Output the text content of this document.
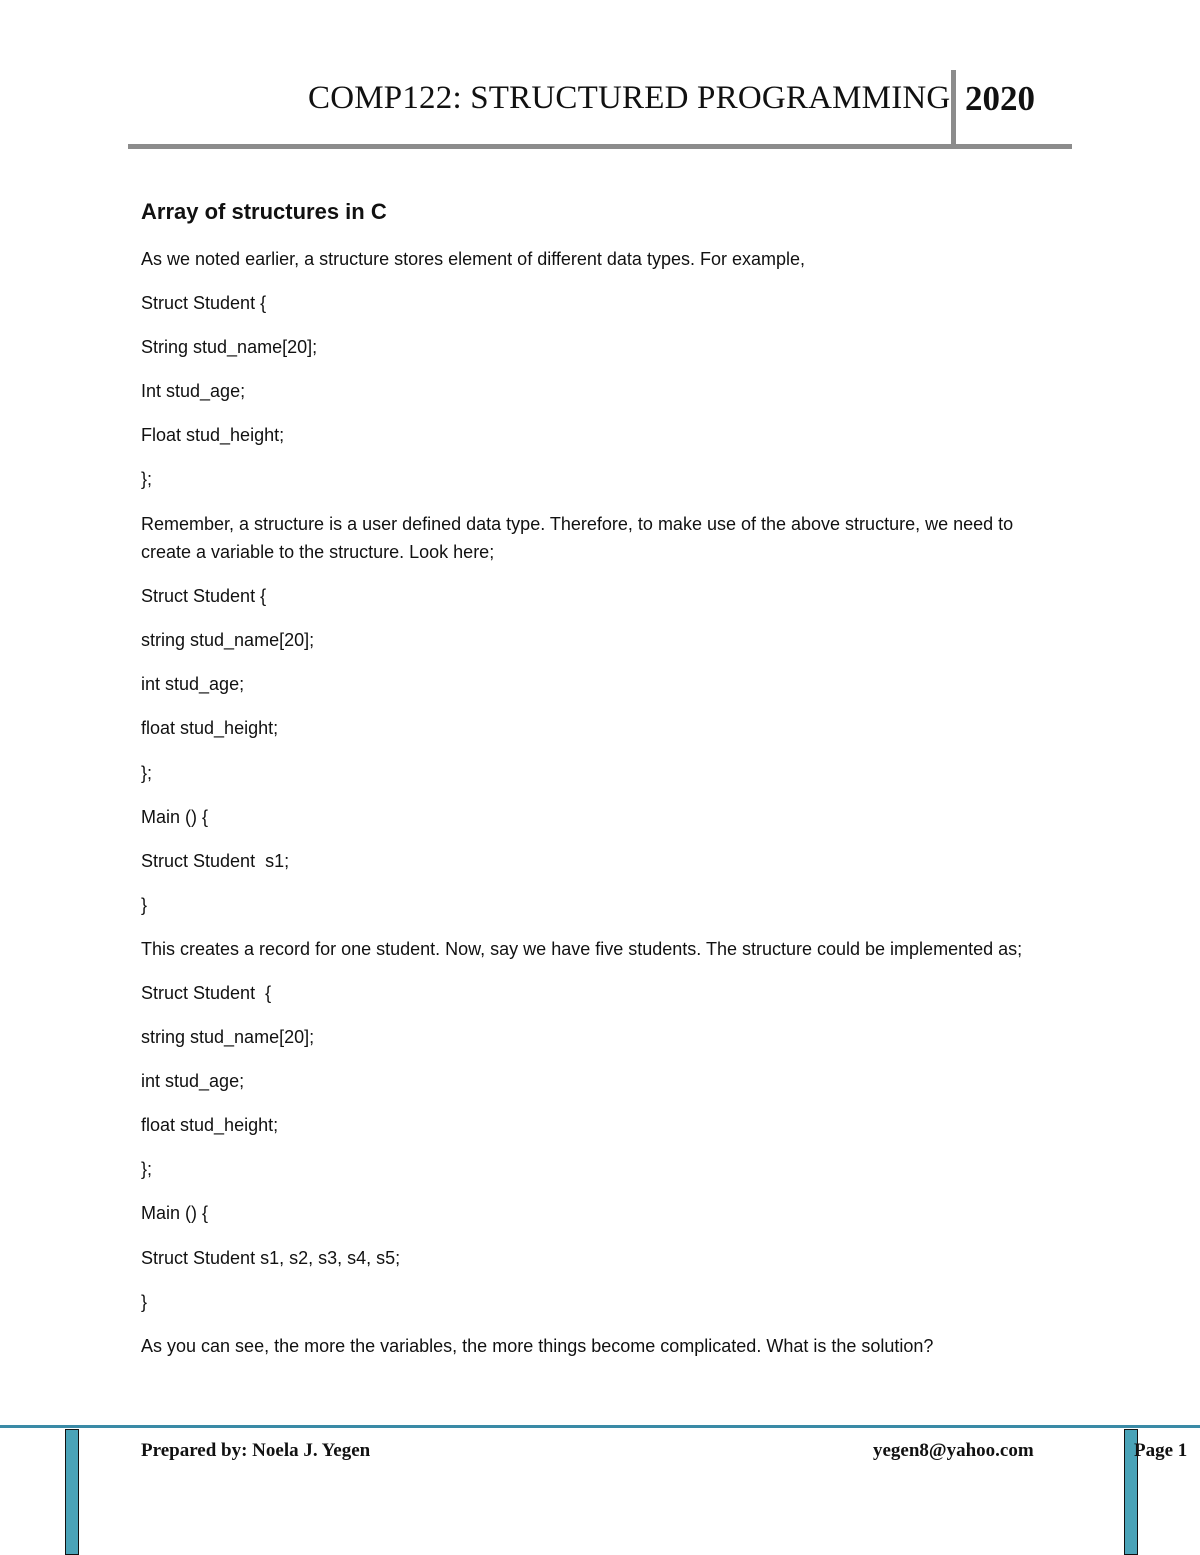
COMP122: STRUCTURED PROGRAMMING 2020
Array of structures in C

As we noted earlier, a structure stores element of different data types. For example,

Struct Student {

String stud_name[20];

Int stud_age;

Float stud_height;

};

Remember, a structure is a user defined data type. Therefore, to make use of the above structure, we need to create a variable to the structure. Look here;

Struct Student {

string stud_name[20];

int stud_age;

float stud_height;

};

Main () {

Struct Student  s1;

}

This creates a record for one student. Now, say we have five students. The structure could be implemented as;

Struct Student  {

string stud_name[20];

int stud_age;

float stud_height;

};

Main () {

Struct Student s1, s2, s3, s4, s5;

}

As you can see, the more the variables, the more things become complicated. What is the solution?

Prepared by: Noela J. Yegen	yegen8@yahoo.com	Page 1
